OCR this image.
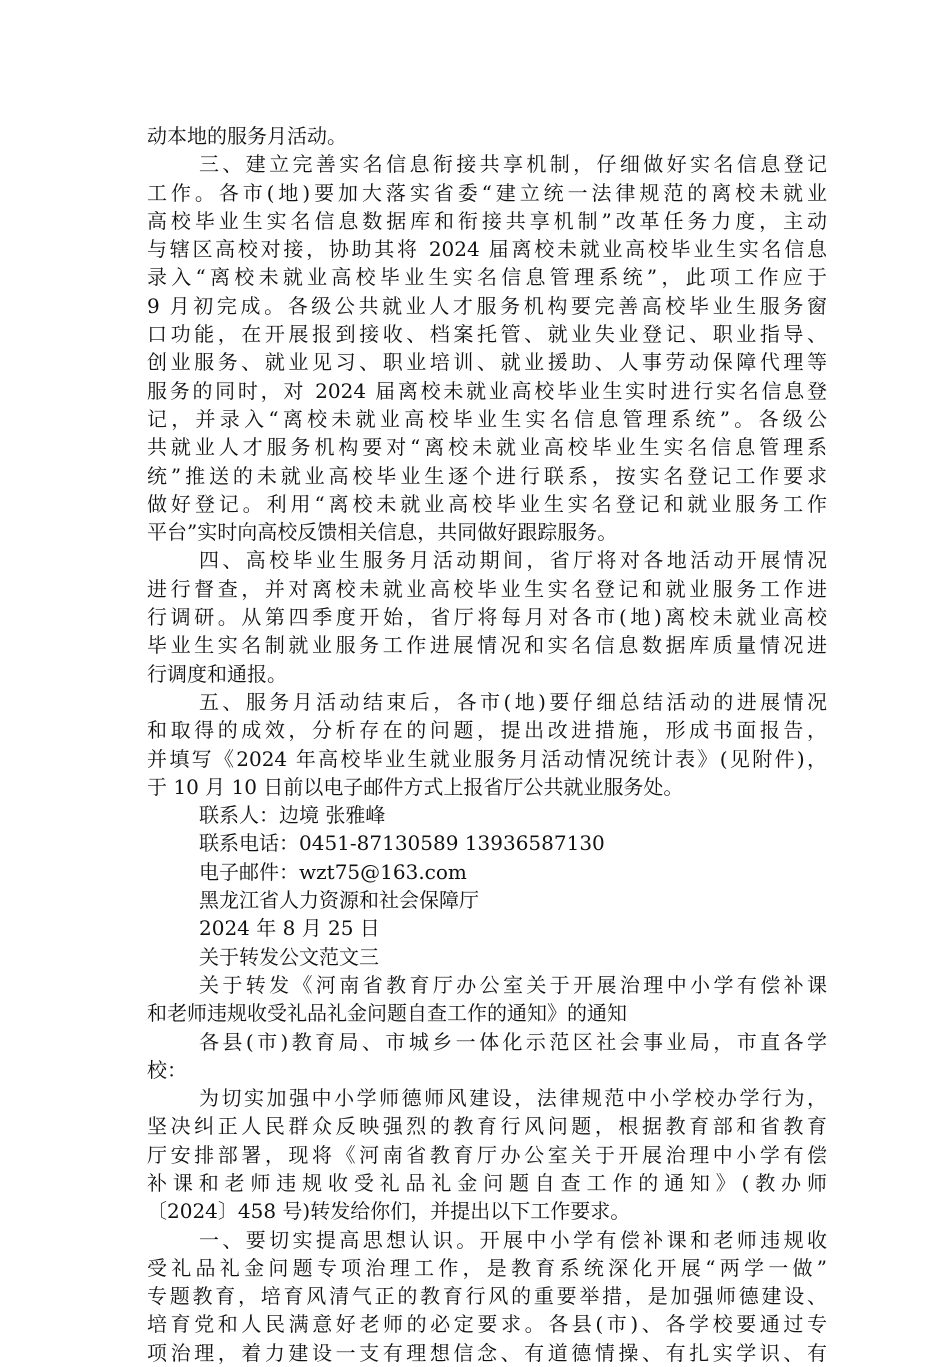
动本地的服务月活动。
三、建立完善实名信息衔接共享机制，仔细做好实名信息登记
工作。各市(地)要加大落实省委“建立统一法律规范的离校未就业
高校毕业生实名信息数据库和衔接共享机制”改革任务力度，主动
与辖区高校对接，协助其将 2024 届离校未就业高校毕业生实名信息
录入“离校未就业高校毕业生实名信息管理系统”，此项工作应于
9 月初完成。各级公共就业人才服务机构要完善高校毕业生服务窗
口功能，在开展报到接收、档案托管、就业失业登记、职业指导、
创业服务、就业见习、职业培训、就业援助、人事劳动保障代理等
服务的同时，对 2024 届离校未就业高校毕业生实时进行实名信息登
记，并录入“离校未就业高校毕业生实名信息管理系统”。各级公
共就业人才服务机构要对“离校未就业高校毕业生实名信息管理系
统”推送的未就业高校毕业生逐个进行联系，按实名登记工作要求
做好登记。利用“离校未就业高校毕业生实名登记和就业服务工作
平台”实时向高校反馈相关信息，共同做好跟踪服务。
四、高校毕业生服务月活动期间，省厅将对各地活动开展情况
进行督查，并对离校未就业高校毕业生实名登记和就业服务工作进
行调研。从第四季度开始，省厅将每月对各市(地)离校未就业高校
毕业生实名制就业服务工作进展情况和实名信息数据库质量情况进
行调度和通报。
五、服务月活动结束后，各市(地)要仔细总结活动的进展情况
和取得的成效，分析存在的问题，提出改进措施，形成书面报告，
并填写《2024 年高校毕业生就业服务月活动情况统计表》(见附件)，
于 10 月 10 日前以电子邮件方式上报省厅公共就业服务处。
联系人：边境 张雅峰
联系电话：0451-87130589 13936587130
电子邮件：wzt75@163.com
黑龙江省人力资源和社会保障厅
2024 年 8 月 25 日
关于转发公文范文三
关于转发《河南省教育厅办公室关于开展治理中小学有偿补课
和老师违规收受礼品礼金问题自查工作的通知》的通知
各县(市)教育局、市城乡一体化示范区社会事业局，市直各学
校：
为切实加强中小学师德师风建设，法律规范中小学校办学行为，
坚决纠正人民群众反映强烈的教育行风问题，根据教育部和省教育
厅安排部署，现将《河南省教育厅办公室关于开展治理中小学有偿
补课和老师违规收受礼品礼金问题自查工作的通知》(教办师
〔2024〕458 号)转发给你们，并提出以下工作要求。
一、要切实提高思想认识。开展中小学有偿补课和老师违规收
受礼品礼金问题专项治理工作，是教育系统深化开展“两学一做”
专题教育，培育风清气正的教育行风的重要举措，是加强师德建设、
培育党和人民满意好老师的必定要求。各县(市)、各学校要通过专
项治理，着力建设一支有理想信念、有道德情操、有扎实学识、有
